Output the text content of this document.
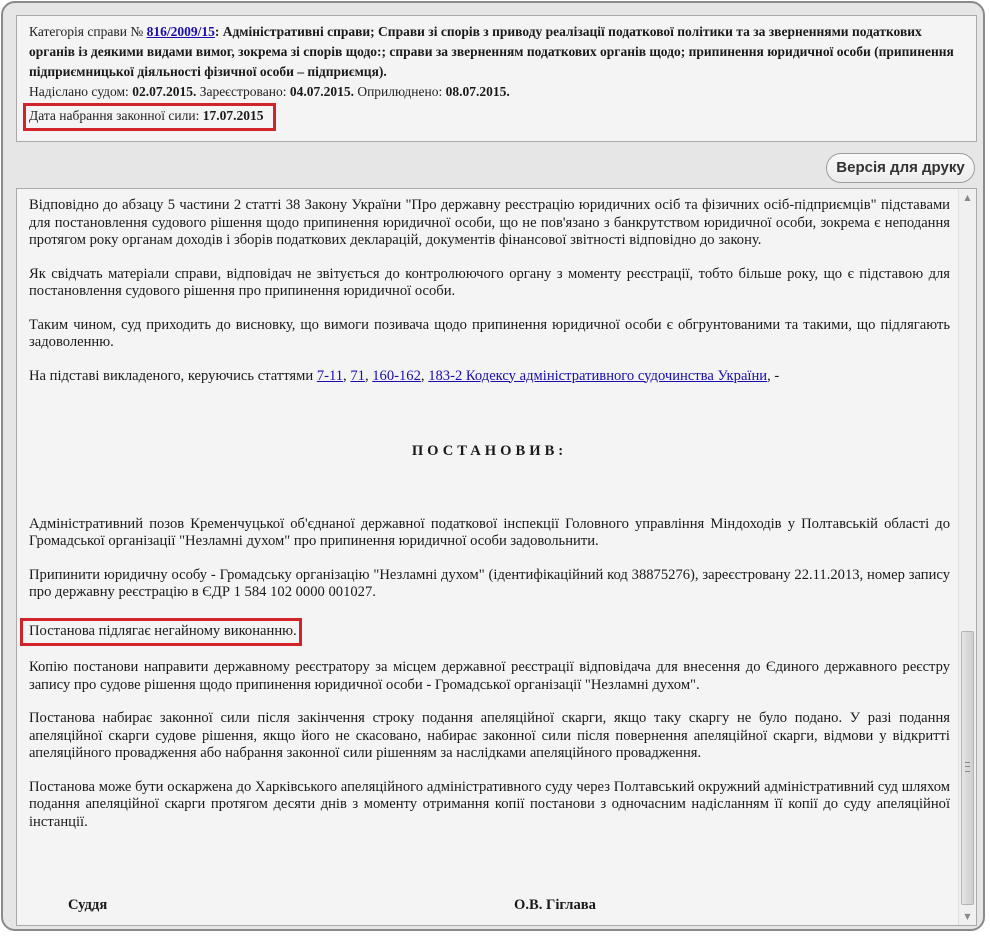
Категорія справи № 816/2009/15: Адміністративні справи; Справи зі спорів з приводу реалізації податкової політики та за зверненнями податкових органів із деякими видами вимог, зокрема зі спорів щодо:; справи за зверненням податкових органів щодо; припинення юридичної особи (припинення підприємницької діяльності фізичної особи – підприємця).
Надіслано судом: 02.07.2015. Зареєстровано: 04.07.2015. Оприлюднено: 08.07.2015.
Дата набрання законної сили: 17.07.2015
Версія для друку

Відповідно до абзацу 5 частини 2 статті 38 Закону України "Про державну реєстрацію юридичних осіб та фізичних осіб-підприємців" підставами для постановлення судового рішення щодо припинення юридичної особи, що не пов'язано з банкрутством юридичної особи, зокрема є неподання протягом року органам доходів і зборів податкових декларацій, документів фінансової звітності відповідно до закону.

Як свідчать матеріали справи, відповідач не звітується до контролюючого органу з моменту реєстрації, тобто більше року, що є підставою для постановлення судового рішення про припинення юридичної особи.

Таким чином, суд приходить до висновку, що вимоги позивача щодо припинення юридичної особи є обгрунтованими та такими, що підлягають задоволенню.

На підставі викладеного, керуючись статтями 7-11, 71, 160-162, 183-2 Кодексу адміністративного судочинства України, -

ПОСТАНОВИВ:

Адміністративний позов Кременчуцької об'єднаної державної податкової інспекції Головного управління Міндоходів у Полтавській області до Громадської організації "Незламні духом" про припинення юридичної особи задовольнити.

Припинити юридичну особу - Громадську організацію "Незламні духом" (ідентифікаційний код 38875276), зареєстровану 22.11.2013, номер запису про державну реєстрацію в ЄДР 1 584 102 0000 001027.

Постанова підлягає негайному виконанню.

Копію постанови направити державному реєстратору за місцем державної реєстрації відповідача для внесення до Єдиного державного реєстру запису про судове рішення щодо припинення юридичної особи - Громадської організації "Незламні духом".

Постанова набирає законної сили після закінчення строку подання апеляційної скарги, якщо таку скаргу не було подано. У разі подання апеляційної скарги судове рішення, якщо його не скасовано, набирає законної сили після повернення апеляційної скарги, відмови у відкритті апеляційного провадження або набрання законної сили рішенням за наслідками апеляційного провадження.

Постанова може бути оскаржена до Харківського апеляційного адміністративного суду через Полтавський окружний адміністративний суд шляхом подання апеляційної скарги протягом десяти днів з моменту отримання копії постанови з одночасним надісланням її копії до суду апеляційної інстанції.

Суддя	О.В. Гіглава
▲
▼
